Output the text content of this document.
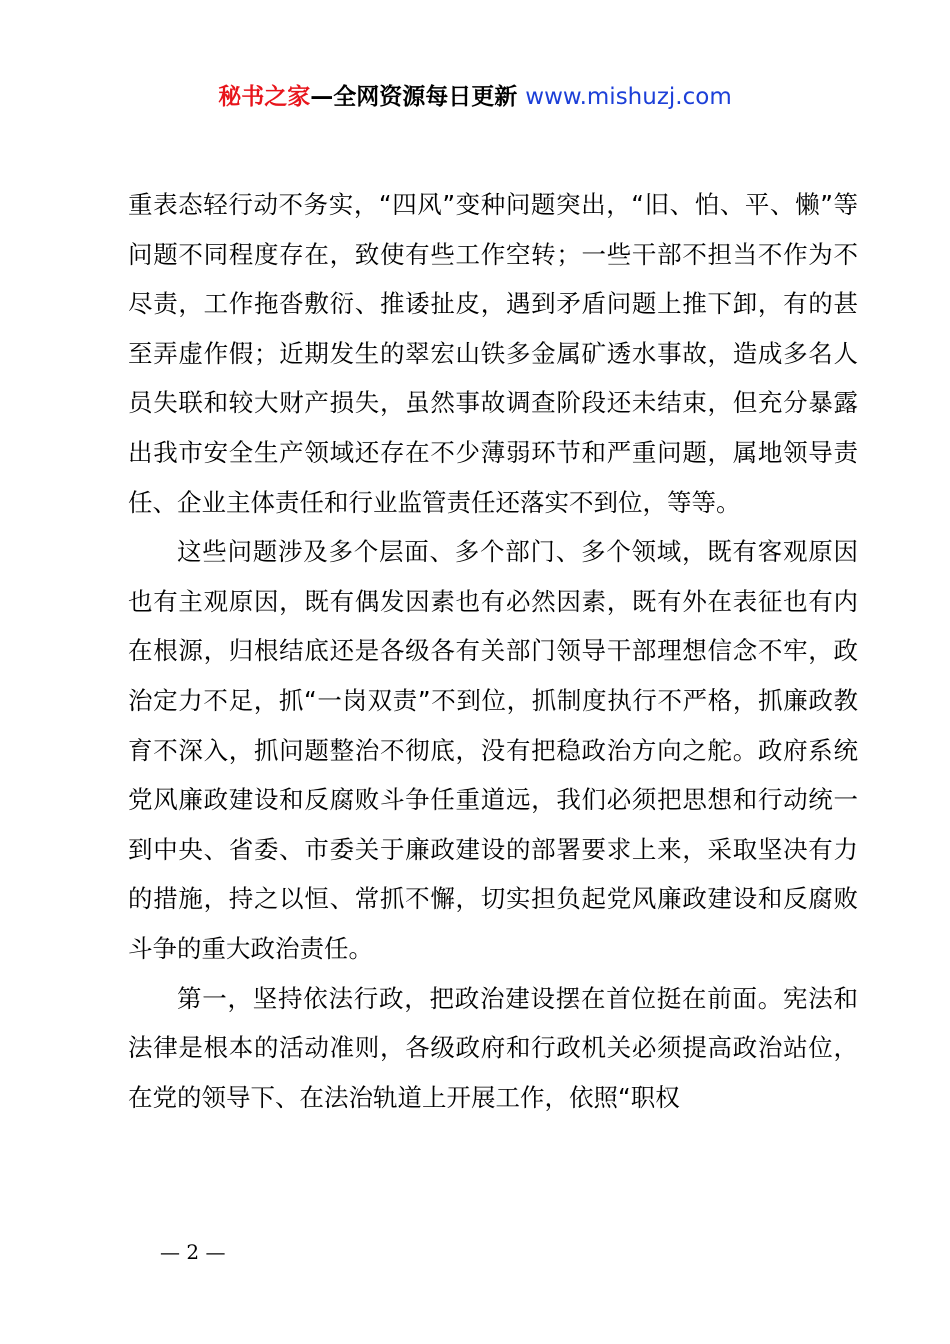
秘书之家—全网资源每日更新 www.mishuzj.com

重表态轻行动不务实，“四风”变种问题突出，“旧、怕、平、懒”等问题不同程度存在，致使有些工作空转；一些干部不担当不作为不尽责，工作拖沓敷衍、推诿扯皮，遇到矛盾问题上推下卸，有的甚至弄虚作假；近期发生的翠宏山铁多金属矿透水事故，造成多名人员失联和较大财产损失，虽然事故调查阶段还未结束，但充分暴露出我市安全生产领域还存在不少薄弱环节和严重问题，属地领导责任、企业主体责任和行业监管责任还落实不到位，等等。

这些问题涉及多个层面、多个部门、多个领域，既有客观原因也有主观原因，既有偶发因素也有必然因素，既有外在表征也有内在根源，归根结底还是各级各有关部门领导干部理想信念不牢，政治定力不足，抓“一岗双责”不到位，抓制度执行不严格，抓廉政教育不深入，抓问题整治不彻底，没有把稳政治方向之舵。政府系统党风廉政建设和反腐败斗争任重道远，我们必须把思想和行动统一到中央、省委、市委关于廉政建设的部署要求上来，采取坚决有力的措施，持之以恒、常抓不懈，切实担负起党风廉政建设和反腐败斗争的重大政治责任。

第一，坚持依法行政，把政治建设摆在首位挺在前面。宪法和法律是根本的活动准则，各级政府和行政机关必须提高政治站位，在党的领导下、在法治轨道上开展工作，依照“职权

— 2 —
